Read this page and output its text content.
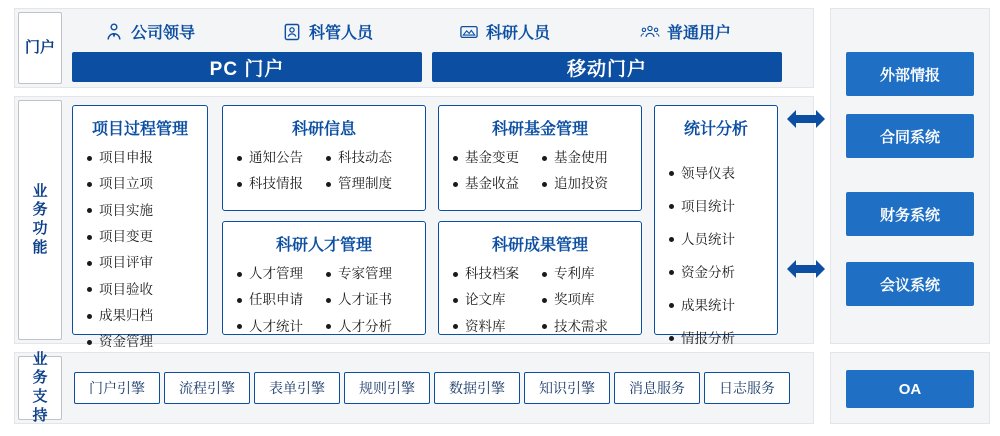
门户
公司领导	科管人员	科研人员	普通用户
PC 门户	移动门户
业务功能
项目过程管理
项目申报
项目立项
项目实施
项目变更
项目评审
项目验收
成果归档
资金管理
科研信息
通知公告	科技动态
科技情报	管理制度
科研基金管理
基金变更	基金使用
基金收益	追加投资
统计分析
领导仪表
项目统计
人员统计
资金分析
成果统计
情报分析
科研人才管理
人才管理	专家管理
任职申请	人才证书
人才统计	人才分析
科研成果管理
科技档案	专利库
论文库	奖项库
资料库	技术需求
业务支持
门户引擎	流程引擎	表单引擎	规则引擎	数据引擎	知识引擎	消息服务	日志服务
外部情报
合同系统
财务系统
会议系统
OA
